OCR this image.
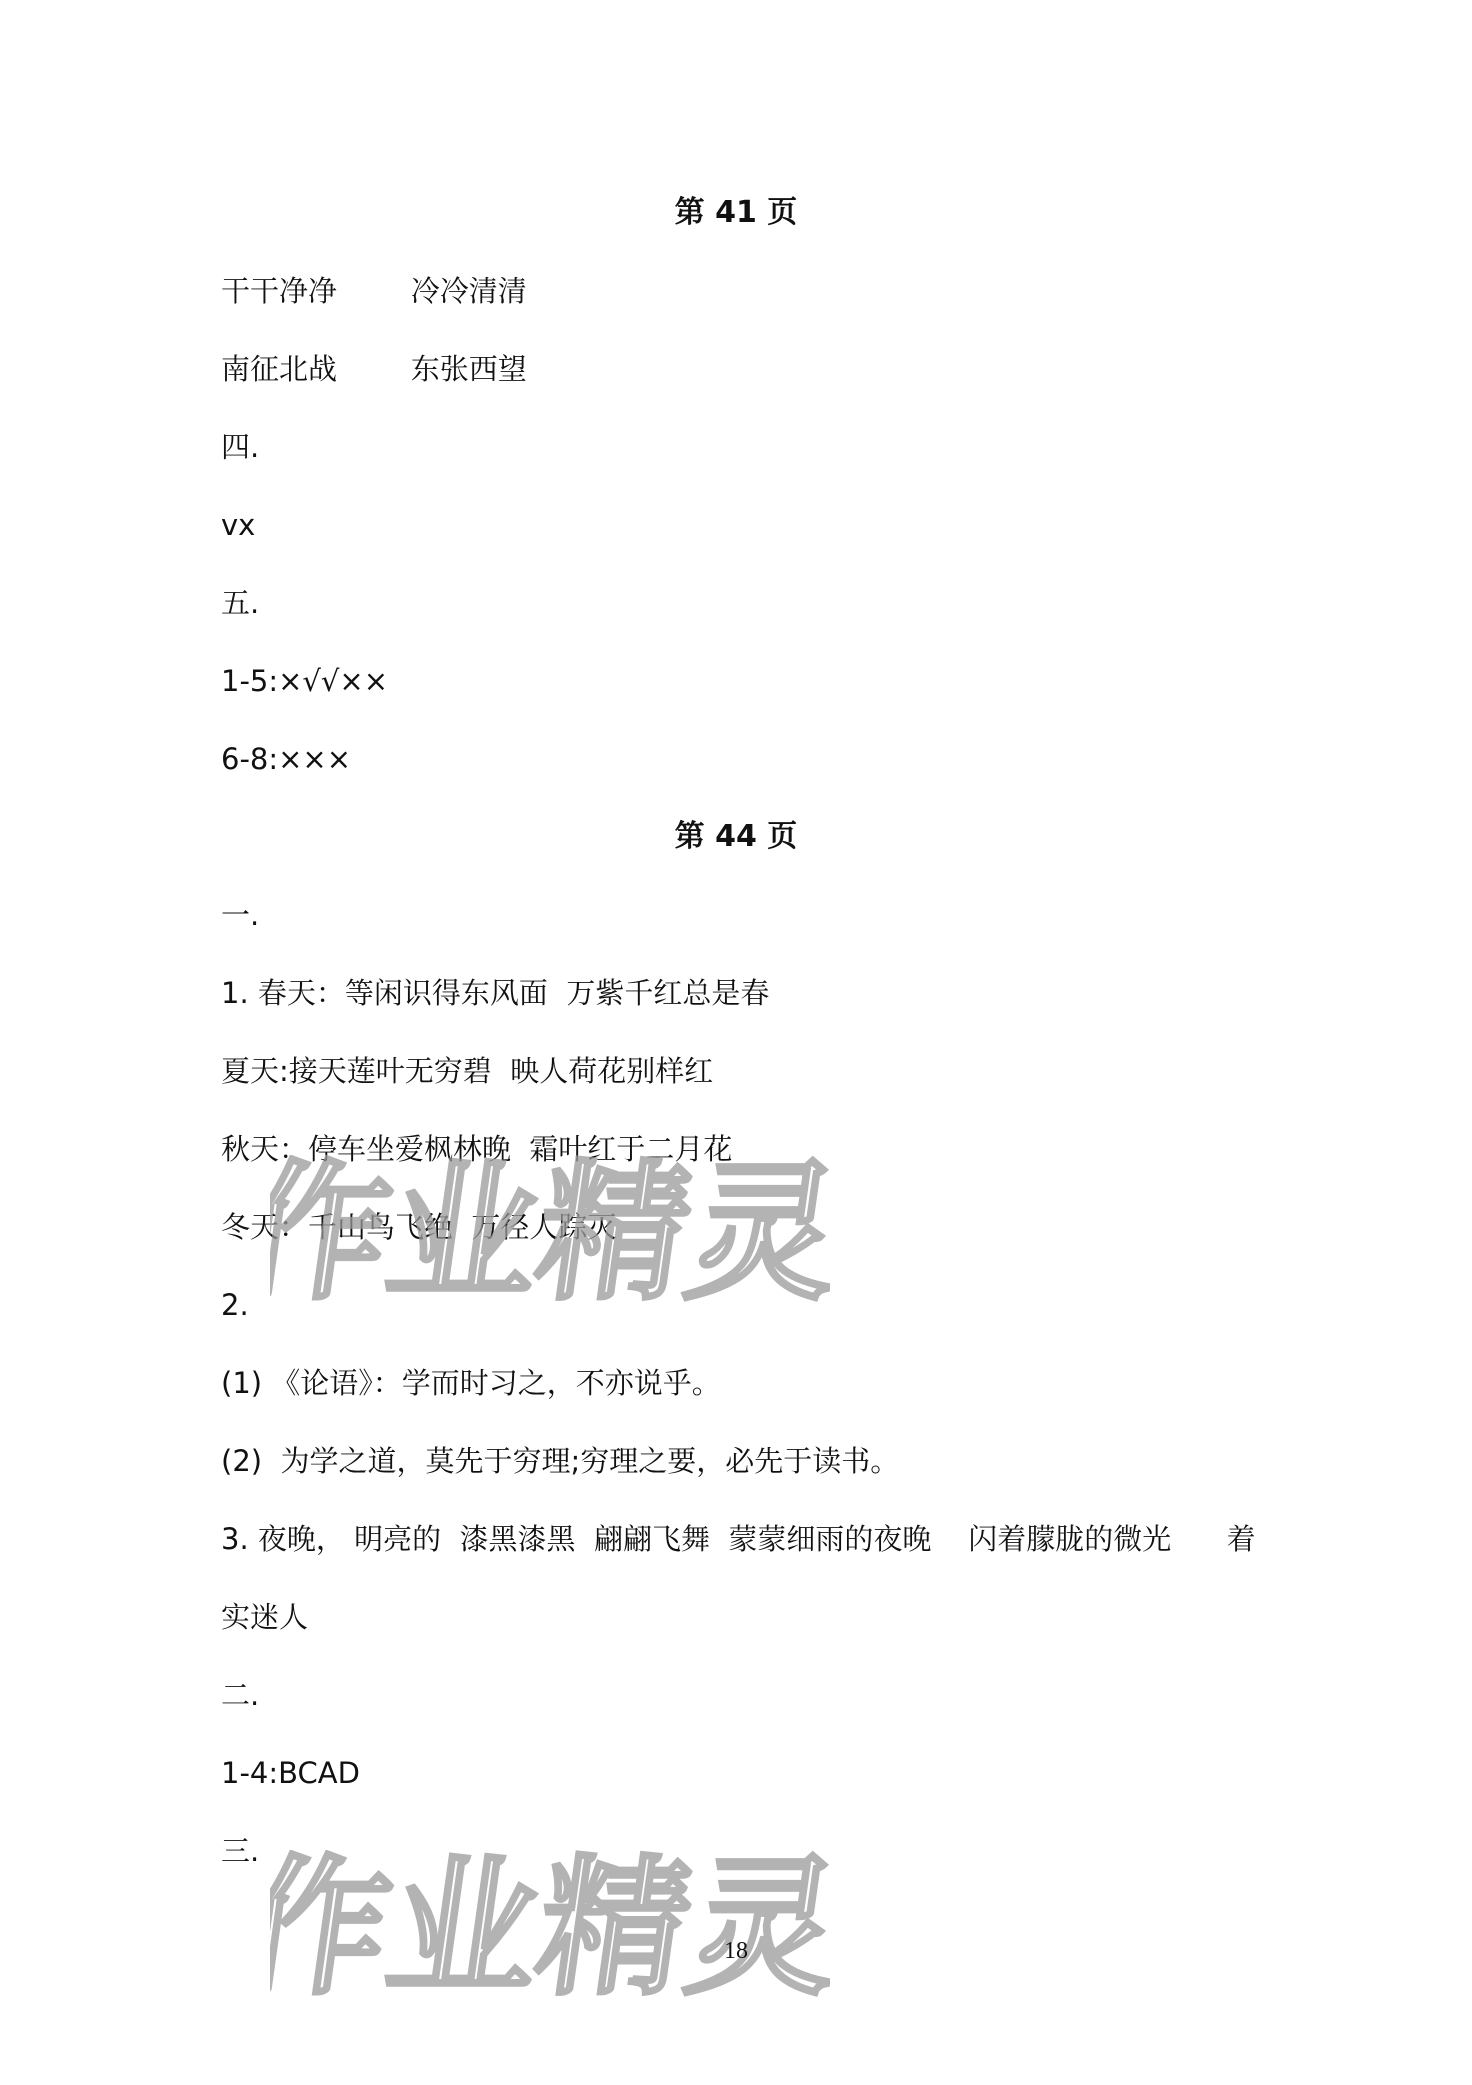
第 41 页
干干净净        冷冷清清
南征北战        东张西望
四.
vx
五.
1-5:×√√××
6-8:×××
第 44 页
一.
1. 春天：等闲识得东风面  万紫千红总是春
夏天:接天莲叶无穷碧  映人荷花别样红
秋天：停车坐爱枫林晚  霜叶红于二月花
冬天：千山鸟飞绝  万径人踪灭
2.
(1) 《论语》：学而时习之，不亦说乎。
(2)  为学之道，莫先于穷理;穷理之要，必先于读书。
3. 夜晚， 明亮的  漆黑漆黑  翩翩飞舞  蒙蒙细雨的夜晚    闪着朦胧的微光      着
实迷人
二.
1-4:BCAD
三.
作业精灵
作业精灵
18
